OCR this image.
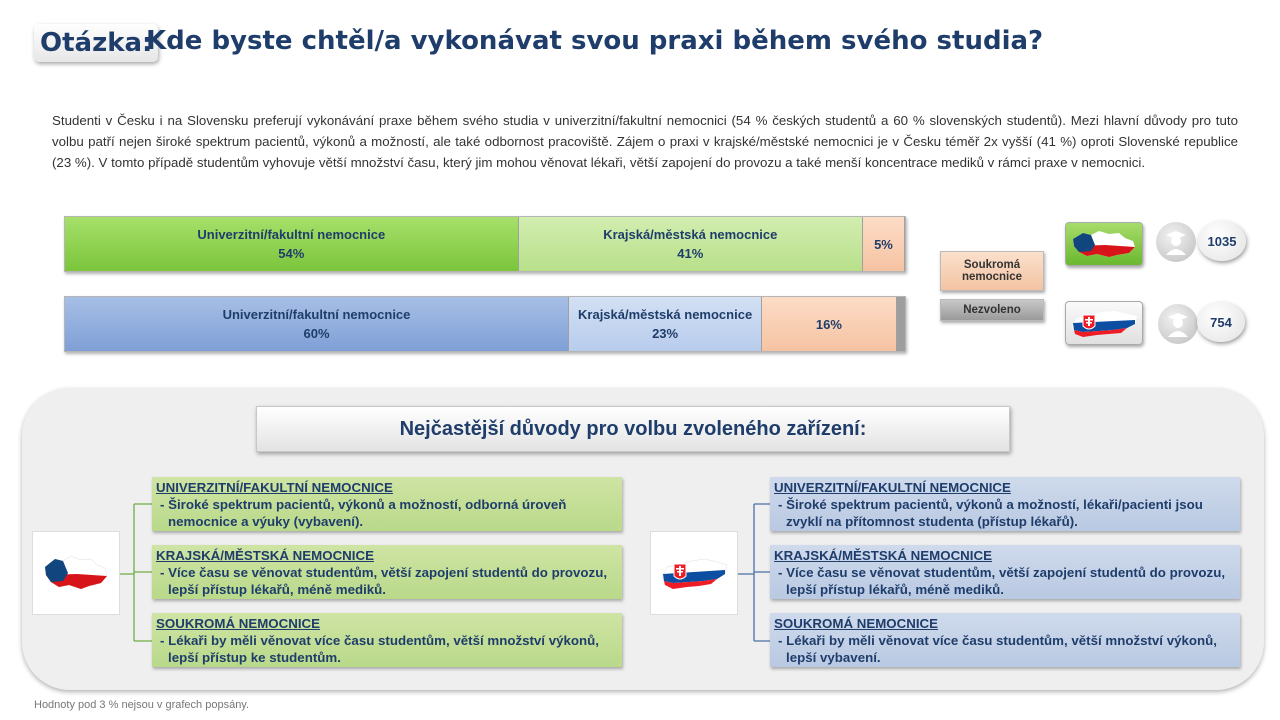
Otázka:
Kde byste chtěl/a vykonávat svou praxi během svého studia?
Studenti v Česku i na Slovensku preferují vykonávání praxe během svého studia v univerzitní/fakultní nemocnici (54 % českých studentů a 60 % slovenských studentů). Mezi hlavní důvody pro tuto volbu patří nejen široké spektrum pacientů, výkonů a možností, ale také odbornost pracoviště. Zájem o praxi v krajské/městské nemocnici je v Česku téměř 2x vyšší (41 %) oproti Slovenské republice (23 %). V tomto případě studentům vyhovuje větší množství času, který jim mohou věnovat lékaři, větší zapojení do provozu a také menší koncentrace mediků v rámci praxe v nemocnici.
Univerzitní/fakultní nemocnice
54%
Krajská/městská nemocnice
41%
5%
Univerzitní/fakultní nemocnice
60%
Krajská/městská nemocnice
23%
16%
Soukromá nemocnice
Nezvoleno
1035
754
Nejčastější důvody pro volbu zvoleného zařízení:
UNIVERZITNÍ/FAKULTNÍ NEMOCNICE
- Široké spektrum pacientů, výkonů a možností, odborná úroveň nemocnice a výuky (vybavení).
KRAJSKÁ/MĚSTSKÁ NEMOCNICE
- Více času se věnovat studentům, větší zapojení studentů do provozu, lepší přístup lékařů, méně mediků.
SOUKROMÁ NEMOCNICE
- Lékaři by měli věnovat více času studentům, větší množství výkonů, lepší přístup ke studentům.
UNIVERZITNÍ/FAKULTNÍ NEMOCNICE
- Široké spektrum pacientů, výkonů a možností, lékaři/pacienti jsou zvyklí na přítomnost studenta (přístup lékařů).
KRAJSKÁ/MĚSTSKÁ NEMOCNICE
- Více času se věnovat studentům, větší zapojení studentů do provozu, lepší přístup lékařů, méně mediků.
SOUKROMÁ NEMOCNICE
- Lékaři by měli věnovat více času studentům, větší množství výkonů, lepší vybavení.
Hodnoty pod 3 % nejsou v grafech popsány.
